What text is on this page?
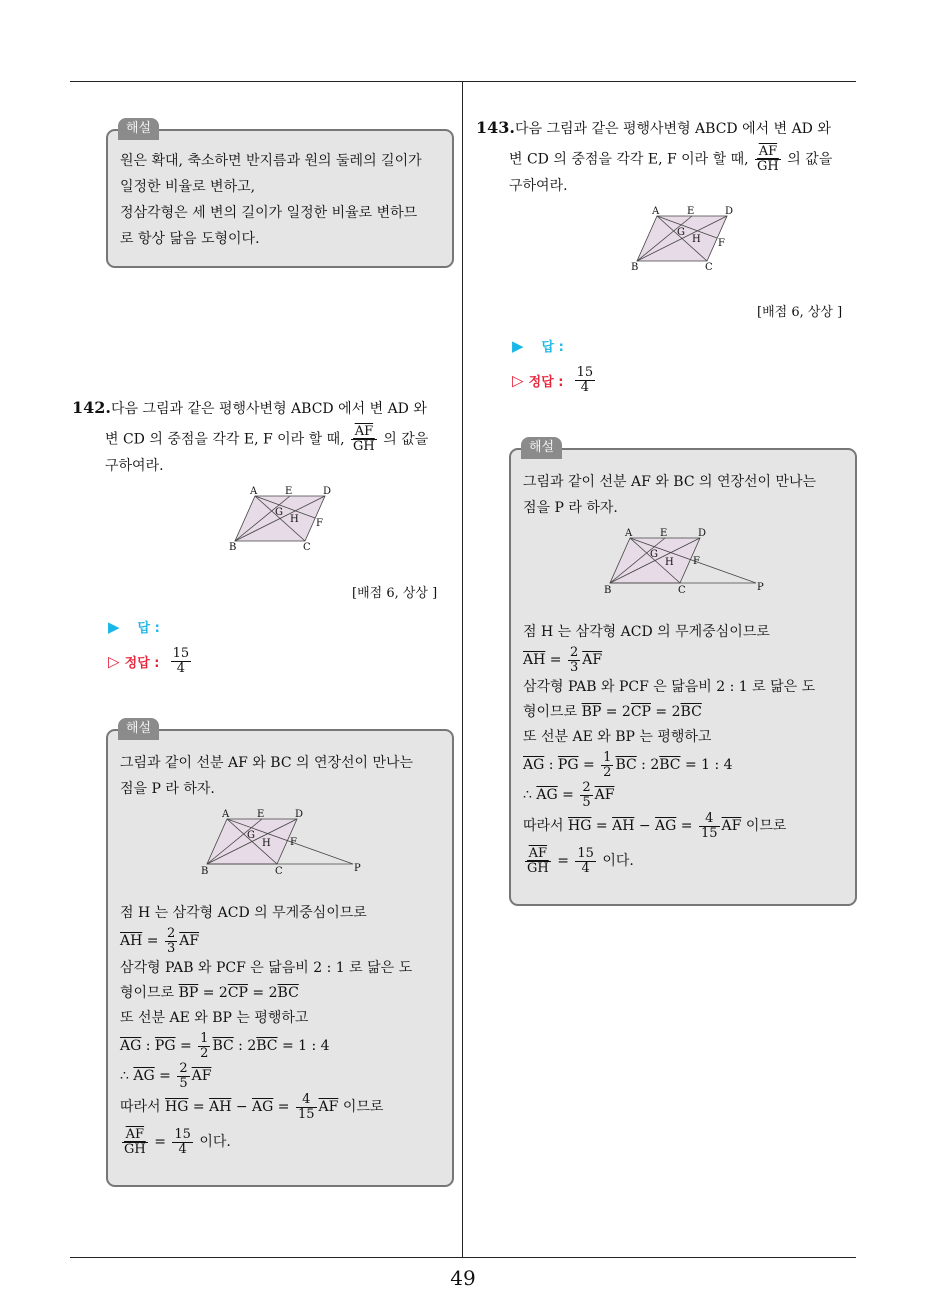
해설
원은 확대, 축소하면 반지름과 원의 둘레의 길이가
일정한 비율로 변하고,
정삼각형은 세 변의 길이가 일정한 비율로 변하므
로 항상 닮음 도형이다.
142.다음 그림과 같은 평행사변형 ABCD 에서 변 AD 와
변 CD 의 중점을 각각 E, F 이라 할 때, $\frac{\overline{AF}}{GH}$ 의 값을
구하여라.
A	E	D
G
H F
B	C
[배점 6, 상상 ]
▶ 답 :
▷ 정답 : $\frac{15}{4}$
해설
그림과 같이 선분 AF 와 BC 의 연장선이 만나는
점을 P 라 하자.
A	E	D
G
H F
B	C	P
점 H 는 삼각형 ACD 의 무게중심이므로
$\overline{AH} = \frac{2}{3} \overline{AF}$
삼각형 PAB 와 PCF 은 닮음비 2 : 1 로 닮은 도
형이므로 $\overline{BP} = 2\overline{CP} = 2\overline{BC}$
또 선분 AE 와 BP 는 평행하고
$\overline{AG}$ : $\overline{PG} = \frac{1}{2} \overline{BC}$ : $2\overline{BC} = 1$ : 4
∴ $\overline{AG} = \frac{2}{5} \overline{AF}$
따라서 $\overline{HG} = \overline{AH} - \overline{AG} = \frac{4}{15} \overline{AF}$ 이므로
$\frac{\overline{AF}}{GH} = \frac{15}{4}$ 이다.
143.다음 그림과 같은 평행사변형 ABCD 에서 변 AD 와
변 CD 의 중점을 각각 E, F 이라 할 때, $\frac{\overline{AF}}{GH}$ 의 값을
구하여라.
A	E	D
G
H F
B	C
[배점 6, 상상 ]
▶ 답 :
▷ 정답 : $\frac{15}{4}$
해설
그림과 같이 선분 AF 와 BC 의 연장선이 만나는
점을 P 라 하자.
A	E	D
G
H F
B	C	P
점 H 는 삼각형 ACD 의 무게중심이므로
$\overline{AH} = \frac{2}{3} \overline{AF}$
삼각형 PAB 와 PCF 은 닮음비 2 : 1 로 닮은 도
형이므로 $\overline{BP} = 2\overline{CP} = 2\overline{BC}$
또 선분 AE 와 BP 는 평행하고
$\overline{AG}$ : $\overline{PG} = \frac{1}{2} \overline{BC}$ : $2\overline{BC} = 1$ : 4
∴ $\overline{AG} = \frac{2}{5} \overline{AF}$
따라서 $\overline{HG} = \overline{AH} - \overline{AG} = \frac{4}{15} \overline{AF}$ 이므로
$\frac{\overline{AF}}{GH} = \frac{15}{4}$ 이다.
49
